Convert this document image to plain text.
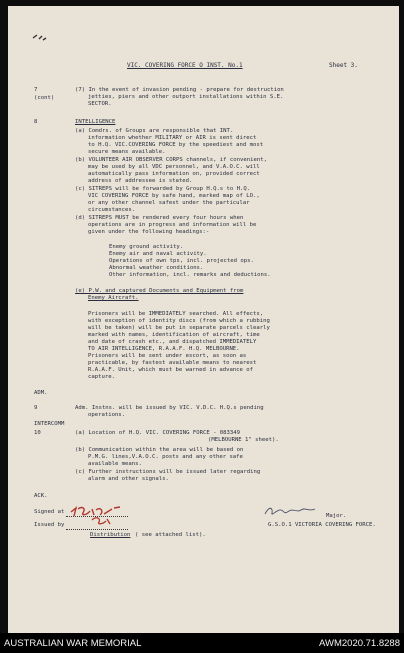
VIC. COVERING FORCE O INST. No.1	Sheet 3.
7
(cont)
(7) In the event of invasion pending - prepare for destruction
jetties, piers and other outport installations within S.E.
SECTOR.
8	INTELLIGENCE
(a) Comdrs. of Groups are responsible that INT.
information whether MILITARY or AIR is sent direct
to H.Q. VIC.COVERING FORCE by the speediest and most
secure means available.
(b) VOLUNTEER AIR OBSERVER CORPS channels, if convenient,
may be used by all VDC personnel, and V.A.O.C. will
automatically pass information on, provided correct
address of addressee is stated.
(c) SITREPS will be forwarded by Group H.Q.s to H.Q.
VIC COVERING FORCE by safe hand, marked map of LO.,
or any other channel safest under the particular
circumstances.
(d) SITREPS MUST be rendered every four hours when
operations are in progress and information will be
given under the following headings:-
Enemy ground activity.
Enemy air and naval activity.
Operations of own tps, incl. projected ops.
Abnormal weather conditions.
Other information, incl. remarks and deductions.
(e) P.W. and captured Documents and Equipment from
Enemy Aircraft.
Prisoners will be IMMEDIATELY searched. All effects,
with exception of identity discs (from which a rubbing
will be taken) will be put in separate parcels clearly
marked with names, identification of aircraft, time
and date of crash etc., and dispatched IMMEDIATELY
TO AIR INTELLIGENCE, R.A.A.F. H.Q. MELBOURNE.
Prisoners will be sent under escort, as soon as
practicable, by fastest available means to nearest
R.A.A.F. Unit, which must be warned in advance of
capture.
ADM.
9	Adm. Instns. will be issued by VIC. V.D.C. H.Q.s pending
operations.
INTERCOMM
10	(a) Location of H.Q. VIC. COVERING FORCE - 083349
(MELBOURNE 1" sheet).
(b) Communication within the area will be based on
P.M.G. lines,V.A.O.C. posts and any other safe
available means.
(c) Further instructions will be issued later regarding
alarm and other signals.
ACK.
Signed at
Issued by
Distribution ( see attached list).
Major.
G.S.O.1 VICTORIA COVERING FORCE.
AUSTRALIAN WAR MEMORIAL	AWM2020.71.8288
